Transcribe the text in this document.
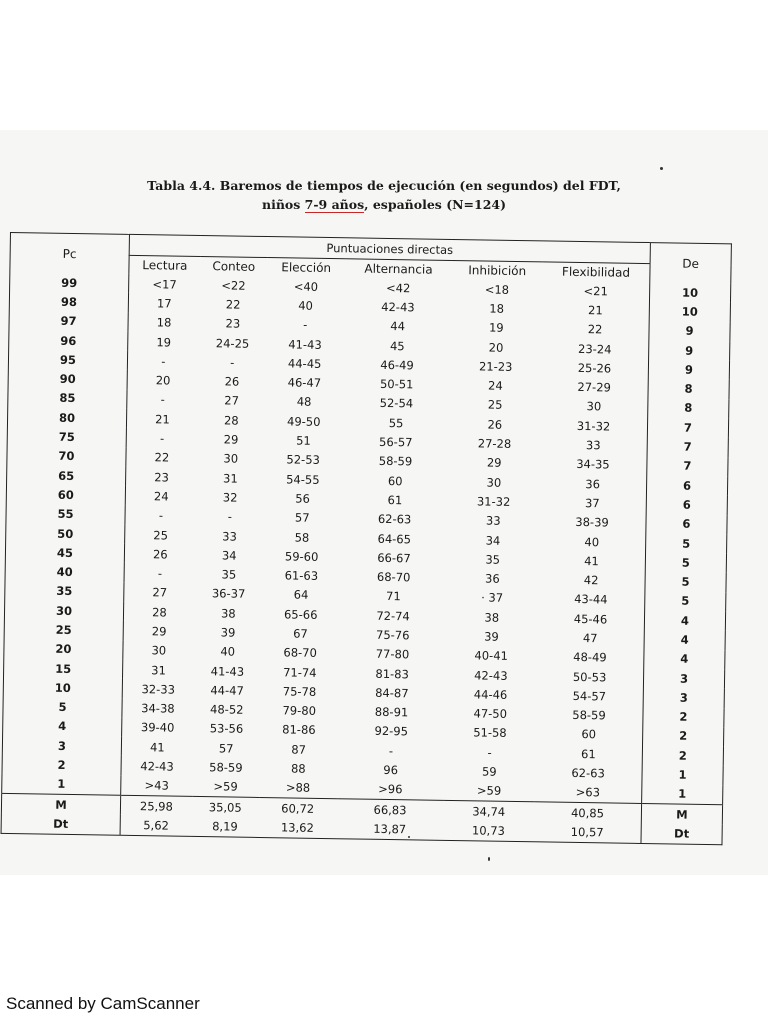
Tabla 4.4. Baremos de tiempos de ejecución (en segundos) del FDT,
niños 7-9 años, españoles (N=124)
Pc	Puntuaciones directas						De
	Lectura	Conteo	Elección	Alternancia	Inhibición	Flexibilidad	
99	<17	<22	<40	<42	<18	<21	10
98	17	22	40	42-43	18	21	10
97	18	23	-	44	19	22	9
96	19	24-25	41-43	45	20	23-24	9
95	-	-	44-45	46-49	21-23	25-26	9
90	20	26	46-47	50-51	24	27-29	8
85	-	27	48	52-54	25	30	8
80	21	28	49-50	55	26	31-32	7
75	-	29	51	56-57	27-28	33	7
70	22	30	52-53	58-59	29	34-35	7
65	23	31	54-55	60	30	36	6
60	24	32	56	61	31-32	37	6
55	-	-	57	62-63	33	38-39	6
50	25	33	58	64-65	34	40	5
45	26	34	59-60	66-67	35	41	5
40	-	35	61-63	68-70	36	42	5
35	27	36-37	64	71	· 37	43-44	5
30	28	38	65-66	72-74	38	45-46	4
25	29	39	67	75-76	39	47	4
20	30	40	68-70	77-80	40-41	48-49	4
15	31	41-43	71-74	81-83	42-43	50-53	3
10	32-33	44-47	75-78	84-87	44-46	54-57	3
5	34-38	48-52	79-80	88-91	47-50	58-59	2
4	39-40	53-56	81-86	92-95	51-58	60	2
3	41	57	87	-	-	61	2
2	42-43	58-59	88	96	59	62-63	1
1	>43	>59	>88	>96	>59	>63	1
M	25,98	35,05	60,72	66,83	34,74	40,85	M
Dt	5,62	8,19	13,62	13,87	10,73	10,57	Dt
Scanned by CamScanner
